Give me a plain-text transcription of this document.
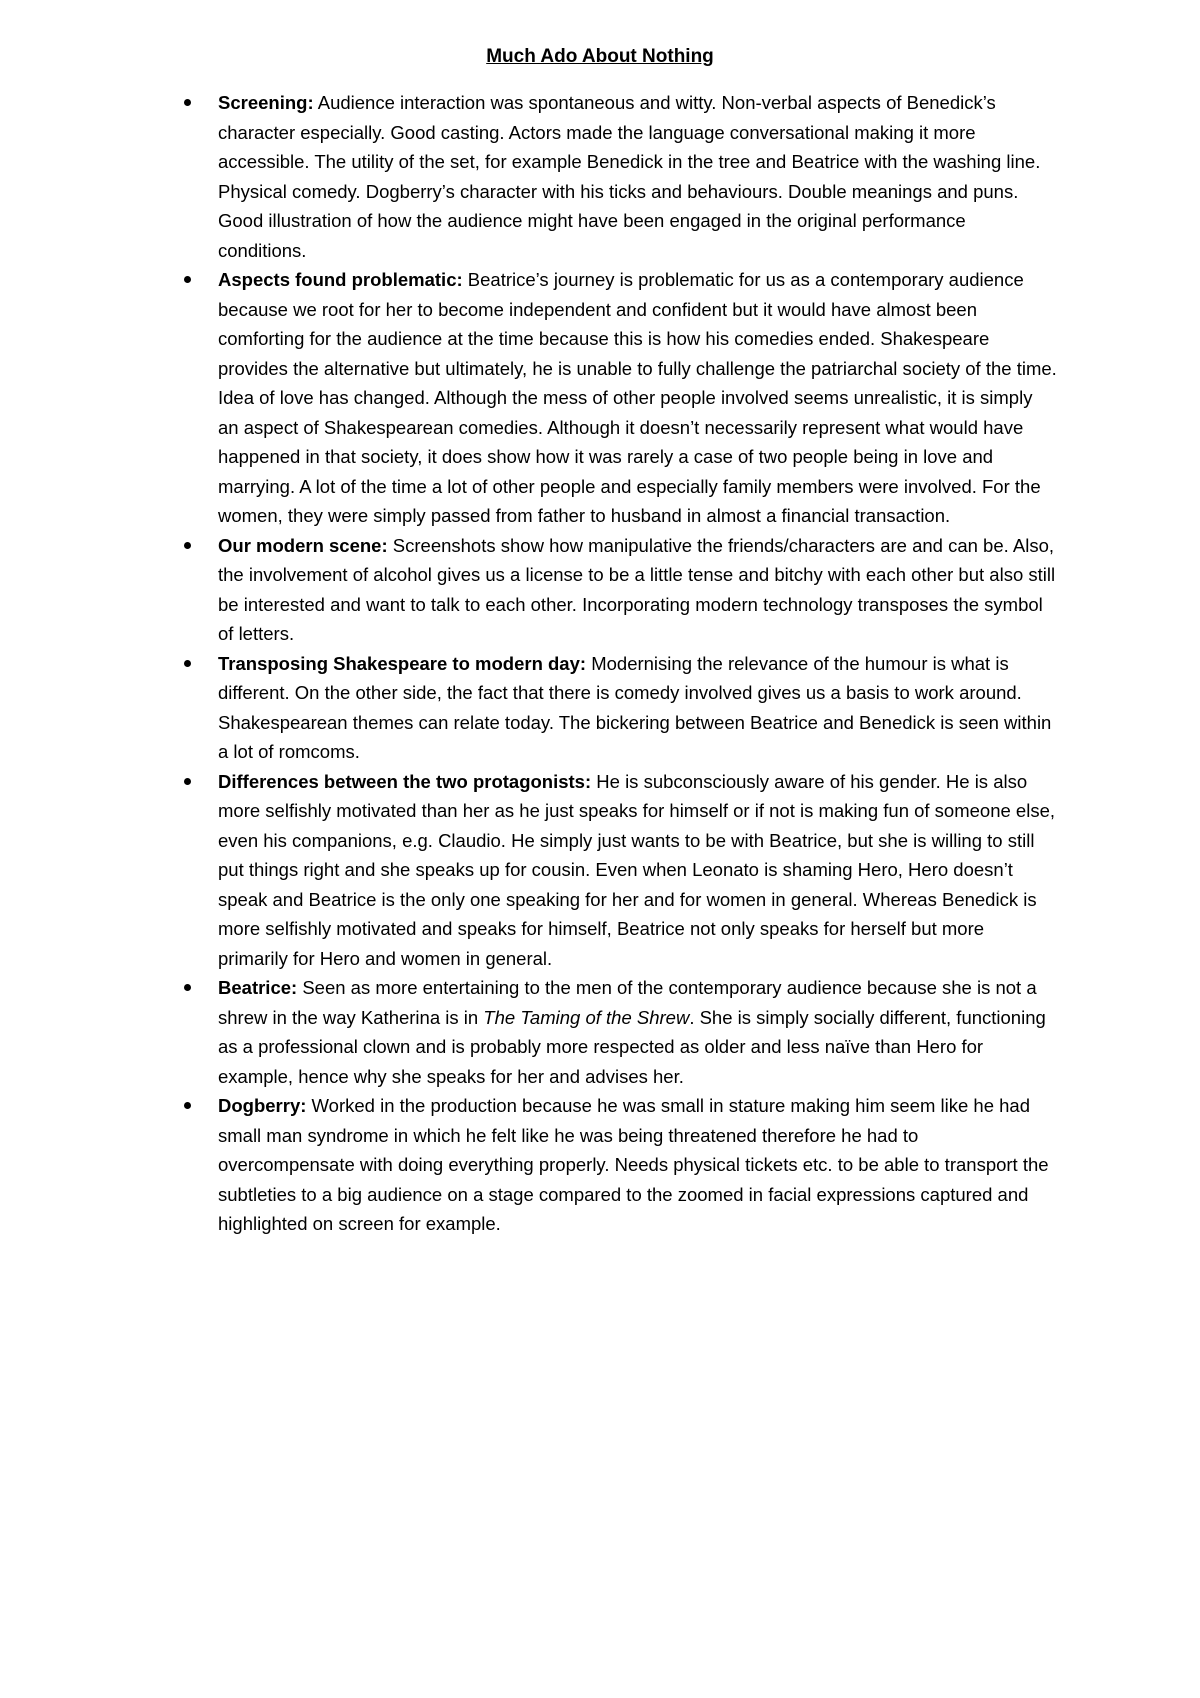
Much Ado About Nothing
Screening: Audience interaction was spontaneous and witty. Non-verbal aspects of Benedick’s character especially. Good casting. Actors made the language conversational making it more accessible. The utility of the set, for example Benedick in the tree and Beatrice with the washing line. Physical comedy. Dogberry’s character with his ticks and behaviours. Double meanings and puns. Good illustration of how the audience might have been engaged in the original performance conditions.
Aspects found problematic: Beatrice’s journey is problematic for us as a contemporary audience because we root for her to become independent and confident but it would have almost been comforting for the audience at the time because this is how his comedies ended. Shakespeare provides the alternative but ultimately, he is unable to fully challenge the patriarchal society of the time. Idea of love has changed. Although the mess of other people involved seems unrealistic, it is simply an aspect of Shakespearean comedies. Although it doesn’t necessarily represent what would have happened in that society, it does show how it was rarely a case of two people being in love and marrying. A lot of the time a lot of other people and especially family members were involved. For the women, they were simply passed from father to husband in almost a financial transaction.
Our modern scene: Screenshots show how manipulative the friends/characters are and can be. Also, the involvement of alcohol gives us a license to be a little tense and bitchy with each other but also still be interested and want to talk to each other. Incorporating modern technology transposes the symbol of letters.
Transposing Shakespeare to modern day: Modernising the relevance of the humour is what is different. On the other side, the fact that there is comedy involved gives us a basis to work around. Shakespearean themes can relate today. The bickering between Beatrice and Benedick is seen within a lot of romcoms.
Differences between the two protagonists: He is subconsciously aware of his gender. He is also more selfishly motivated than her as he just speaks for himself or if not is making fun of someone else, even his companions, e.g. Claudio. He simply just wants to be with Beatrice, but she is willing to still put things right and she speaks up for cousin. Even when Leonato is shaming Hero, Hero doesn’t speak and Beatrice is the only one speaking for her and for women in general. Whereas Benedick is more selfishly motivated and speaks for himself, Beatrice not only speaks for herself but more primarily for Hero and women in general.
Beatrice: Seen as more entertaining to the men of the contemporary audience because she is not a shrew in the way Katherina is in The Taming of the Shrew. She is simply socially different, functioning as a professional clown and is probably more respected as older and less naïve than Hero for example, hence why she speaks for her and advises her.
Dogberry: Worked in the production because he was small in stature making him seem like he had small man syndrome in which he felt like he was being threatened therefore he had to overcompensate with doing everything properly. Needs physical tickets etc. to be able to transport the subtleties to a big audience on a stage compared to the zoomed in facial expressions captured and highlighted on screen for example.
